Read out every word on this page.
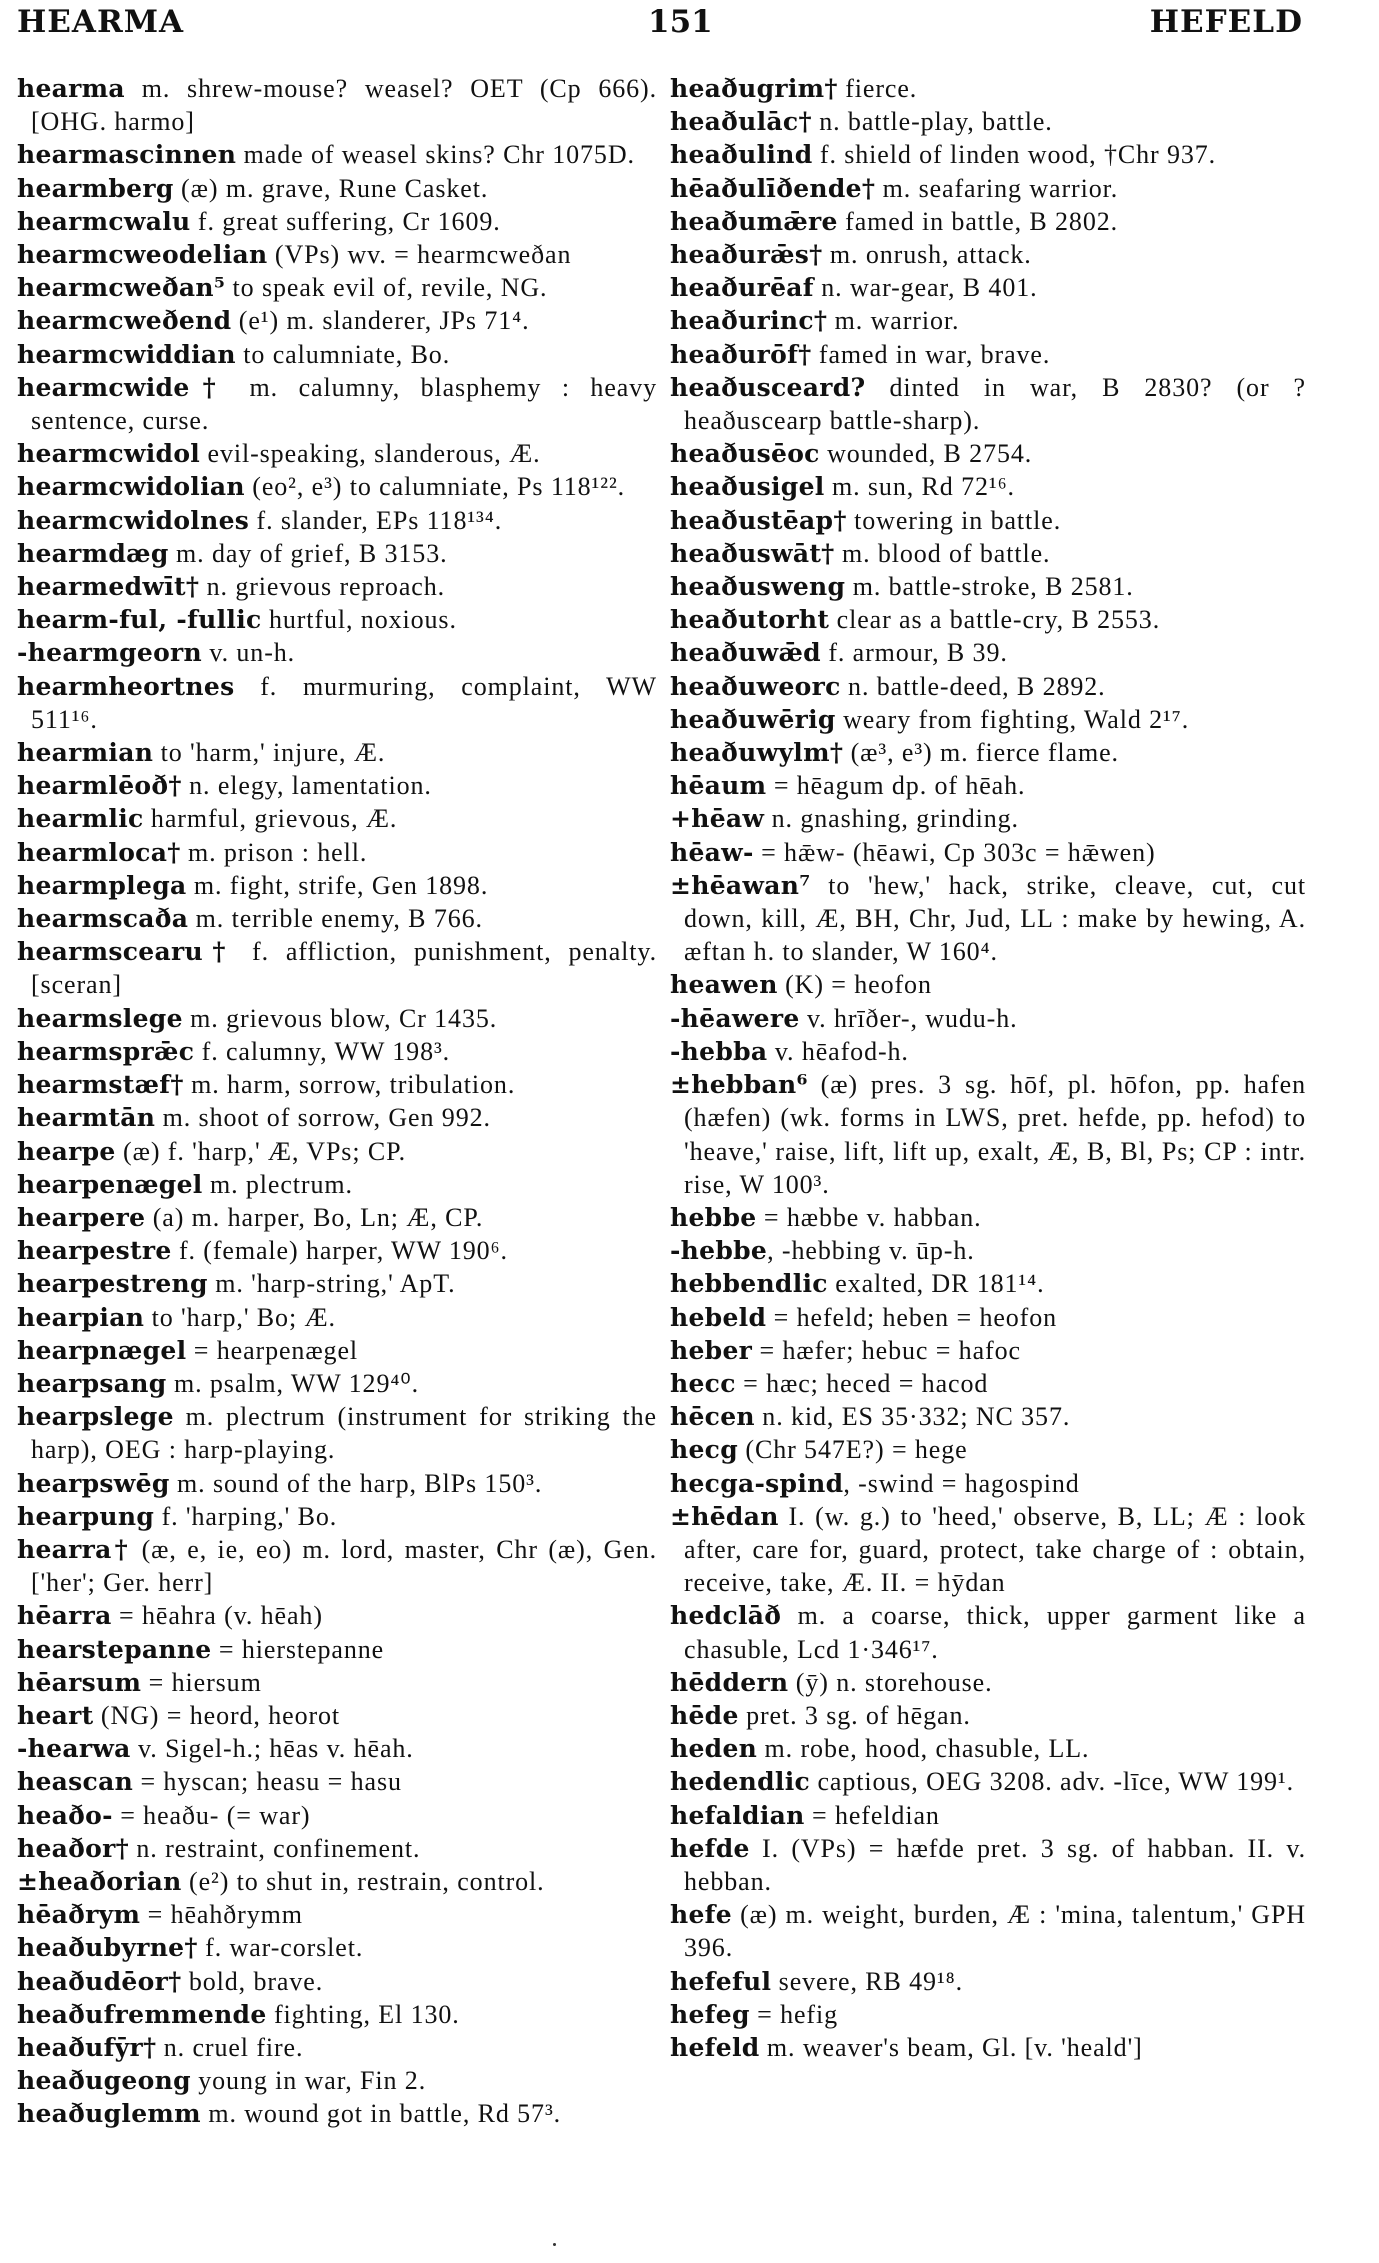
HEARMA	151	HEFELD
hearma m. shrew-mouse? weasel? OET (Cp 666). [OHG. harmo]
hearmascinnen made of weasel skins? Chr 1075D.
hearmberg (æ) m. grave, Rune Casket.
hearmcwalu f. great suffering, Cr 1609.
hearmcweodelian (VPs) wv. = hearmcweðan
hearmcweðan⁵ to speak evil of, revile, NG.
hearmcweðend (e¹) m. slanderer, JPs 71⁴.
hearmcwiddian to calumniate, Bo.
hearmcwide† m. calumny, blasphemy : heavy sentence, curse.
hearmcwidol evil-speaking, slanderous, Æ.
hearmcwidolian (eo², e³) to calumniate, Ps 118¹²².
hearmcwidolnes f. slander, EPs 118¹³⁴.
hearmdæg m. day of grief, B 3153.
hearmedwīt† n. grievous reproach.
hearm-ful, -fullic hurtful, noxious.
-hearmgeorn v. un-h.
hearmheortnes f. murmuring, complaint, WW 511¹⁶.
hearmian to 'harm,' injure, Æ.
hearmlēoð† n. elegy, lamentation.
hearmlic harmful, grievous, Æ.
hearmloca† m. prison : hell.
hearmplega m. fight, strife, Gen 1898.
hearmscaða m. terrible enemy, B 766.
hearmscearu† f. affliction, punishment, penalty. [sceran]
hearmslege m. grievous blow, Cr 1435.
hearmsprǣc f. calumny, WW 198³.
hearmstæf† m. harm, sorrow, tribulation.
hearmtān m. shoot of sorrow, Gen 992.
hearpe (æ) f. 'harp,' Æ, VPs; CP.
hearpenægel m. plectrum.
hearpere (a) m. harper, Bo, Ln; Æ, CP.
hearpestre f. (female) harper, WW 190⁶.
hearpestreng m. 'harp-string,' ApT.
hearpian to 'harp,' Bo; Æ.
hearpnægel = hearpenægel
hearpsang m. psalm, WW 129⁴⁰.
hearpslege m. plectrum (instrument for striking the harp), OEG : harp-playing.
hearpswēg m. sound of the harp, BlPs 150³.
hearpung f. 'harping,' Bo.
hearra† (æ, e, ie, eo) m. lord, master, Chr (æ), Gen. ['her'; Ger. herr]
hēarra = hēahra (v. hēah)
hearstepanne = hierstepanne
hēarsum = hiersum
heart (NG) = heord, heorot
-hearwa v. Sigel-h.; hēas v. hēah.
heascan = hyscan; heasu = hasu
heaðo- = heaðu- (= war)
heaðor† n. restraint, confinement.
±heaðorian (e²) to shut in, restrain, control.
hēaðrym = hēahðrymm
heaðubyrne† f. war-corslet.
heaðudēor† bold, brave.
heaðufremmende fighting, El 130.
heaðufȳr† n. cruel fire.
heaðugeong young in war, Fin 2.
heaðuglemm m. wound got in battle, Rd 57³.
heaðugrim† fierce.
heaðulāc† n. battle-play, battle.
heaðulind f. shield of linden wood, †Chr 937.
hēaðulīðende† m. seafaring warrior.
heaðumǣre famed in battle, B 2802.
heaðurǣs† m. onrush, attack.
heaðurēaf n. war-gear, B 401.
heaðurinc† m. warrior.
heaðurōf† famed in war, brave.
heaðusceard? dinted in war, B 2830? (or ? heaðuscearp battle-sharp).
heaðusēoc wounded, B 2754.
heaðusigel m. sun, Rd 72¹⁶.
heaðustēap† towering in battle.
heaðuswāt† m. blood of battle.
heaðusweng m. battle-stroke, B 2581.
heaðutorht clear as a battle-cry, B 2553.
heaðuwǣd f. armour, B 39.
heaðuweorc n. battle-deed, B 2892.
heaðuwērig weary from fighting, Wald 2¹⁷.
heaðuwylm† (æ³, e³) m. fierce flame.
hēaum = hēagum dp. of hēah.
+hēaw n. gnashing, grinding.
hēaw- = hǣw- (hēawi, Cp 303c = hǣwen)
±hēawan⁷ to 'hew,' hack, strike, cleave, cut, cut down, kill, Æ, BH, Chr, Jud, LL : make by hewing, A. æftan h. to slander, W 160⁴.
heawen (K) = heofon
-hēawere v. hrīðer-, wudu-h.
-hebba v. hēafod-h.
±hebban⁶ (æ) pres. 3 sg. hōf, pl. hōfon, pp. hafen (hæfen) (wk. forms in LWS, pret. hefde, pp. hefod) to 'heave,' raise, lift, lift up, exalt, Æ, B, Bl, Ps; CP : intr. rise, W 100³.
hebbe = hæbbe v. habban.
-hebbe, -hebbing v. ūp-h.
hebbendlic exalted, DR 181¹⁴.
hebeld = hefeld; heben = heofon
heber = hæfer; hebuc = hafoc
hecc = hæc; heced = hacod
hēcen n. kid, ES 35·332; NC 357.
hecg (Chr 547E?) = hege
hecga-spind, -swind = hagospind
±hēdan I. (w. g.) to 'heed,' observe, B, LL; Æ : look after, care for, guard, protect, take charge of : obtain, receive, take, Æ. II. = hȳdan
hedclāð m. a coarse, thick, upper garment like a chasuble, Lcd 1·346¹⁷.
hēddern (ȳ) n. storehouse.
hēde pret. 3 sg. of hēgan.
heden m. robe, hood, chasuble, LL.
hedendlic captious, OEG 3208. adv. -līce, WW 199¹.
hefaldian = hefeldian
hefde I. (VPs) = hæfde pret. 3 sg. of habban. II. v. hebban.
hefe (æ) m. weight, burden, Æ : 'mina, talentum,' GPH 396.
hefeful severe, RB 49¹⁸.
hefeg = hefig
hefeld m. weaver's beam, Gl. [v. 'heald']
